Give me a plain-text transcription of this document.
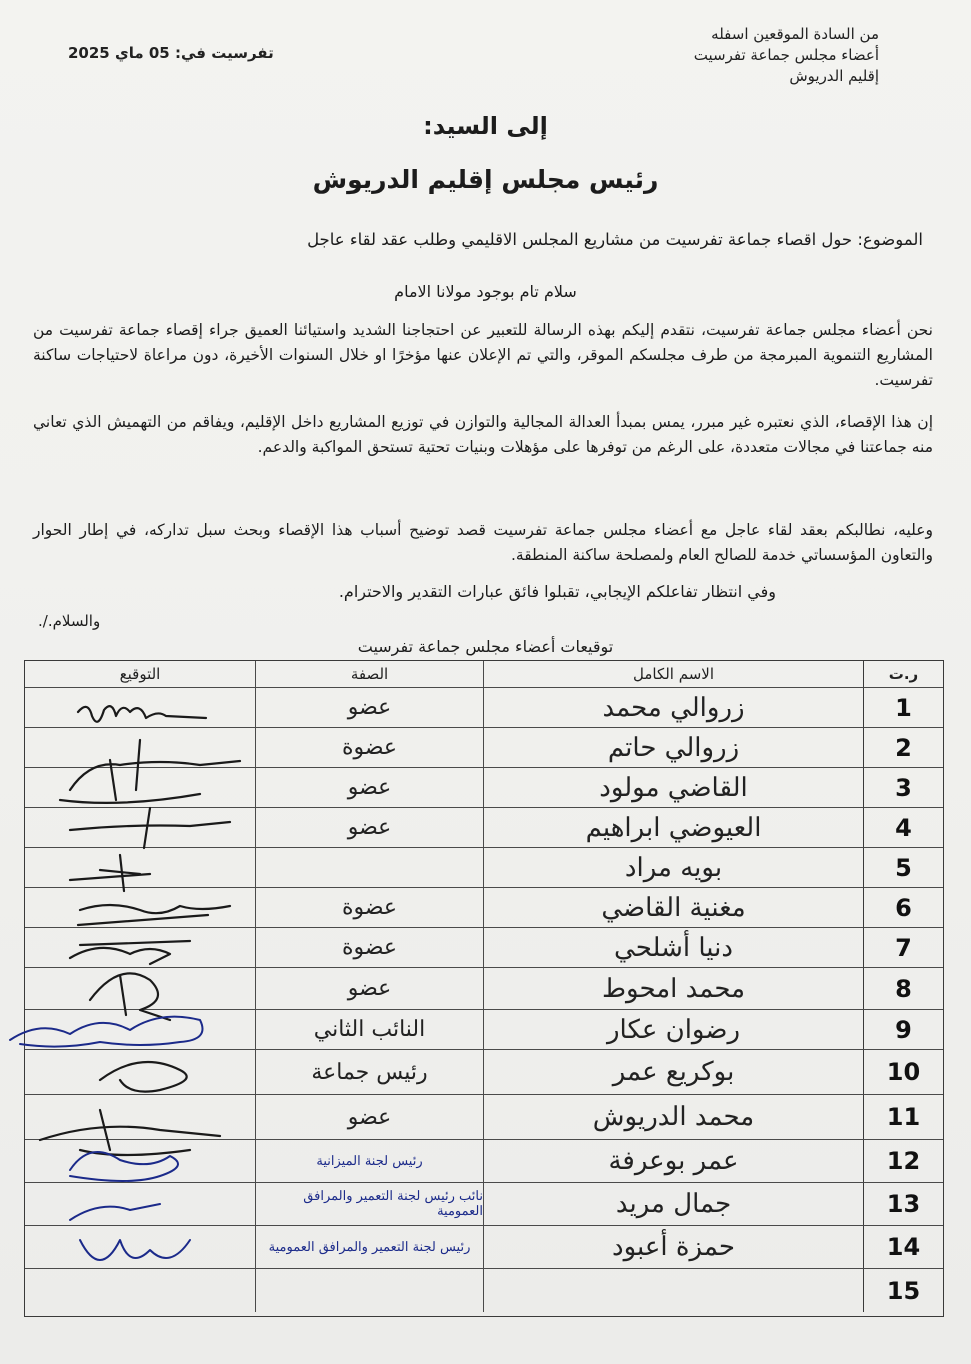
من السادة الموقعين اسفله
أعضاء مجلس جماعة تفرسيت
إقليم الدريوش
تفرسيت في: 05 ماي 2025
إلى السيد:
رئيس مجلس إقليم الدريوش
الموضوع: حول اقصاء جماعة تفرسيت من مشاريع المجلس الاقليمي وطلب عقد لقاء عاجل
سلام تام بوجود مولانا الامام
نحن أعضاء مجلس جماعة تفرسيت، نتقدم إليكم بهذه الرسالة للتعبير عن احتجاجنا الشديد واستيائنا العميق جراء إقصاء جماعة تفرسيت من المشاريع التنموية المبرمجة من طرف مجلسكم الموقر، والتي تم الإعلان عنها مؤخرًا او خلال السنوات الأخيرة، دون مراعاة لاحتياجات ساكنة تفرسيت.
إن هذا الإقصاء، الذي نعتبره غير مبرر، يمس بمبدأ العدالة المجالية والتوازن في توزيع المشاريع داخل الإقليم، ويفاقم من التهميش الذي تعاني منه جماعتنا في مجالات متعددة، على الرغم من توفرها على مؤهلات وبنيات تحتية تستحق المواكبة والدعم.
وعليه، نطالبكم بعقد لقاء عاجل مع أعضاء مجلس جماعة تفرسيت قصد توضيح أسباب هذا الإقصاء وبحث سبل تداركه، في إطار الحوار والتعاون المؤسساتي خدمة للصالح العام ولمصلحة ساكنة المنطقة.
وفي انتظار تفاعلكم الإيجابي، تقبلوا فائق عبارات التقدير والاحترام.
والسلام./.
توقيعات أعضاء مجلس جماعة تفرسيت
ر.ت
الاسم الكامل
الصفة
التوقيع
1
زروالي محمد
عضو
2
زروالي حاتم
عضوة
3
القاضي مولود
عضو
4
العيوضي ابراهيم
عضو
5
بويه مراد
6
مغنية القاضي
عضوة
7
دنيا أشلحي
عضوة
8
محمد امحوط
عضو
9
رضوان عكار
النائب الثاني
10
بوكريع عمر
رئيس جماعة
11
محمد الدريوش
عضو
12
عمر بوعرفة
رئيس لجنة الميزانية
13
جمال مريد
نائب رئيس لجنة التعمير والمرافق العمومية
14
حمزة أعبود
رئيس لجنة التعمير والمرافق العمومية
15
